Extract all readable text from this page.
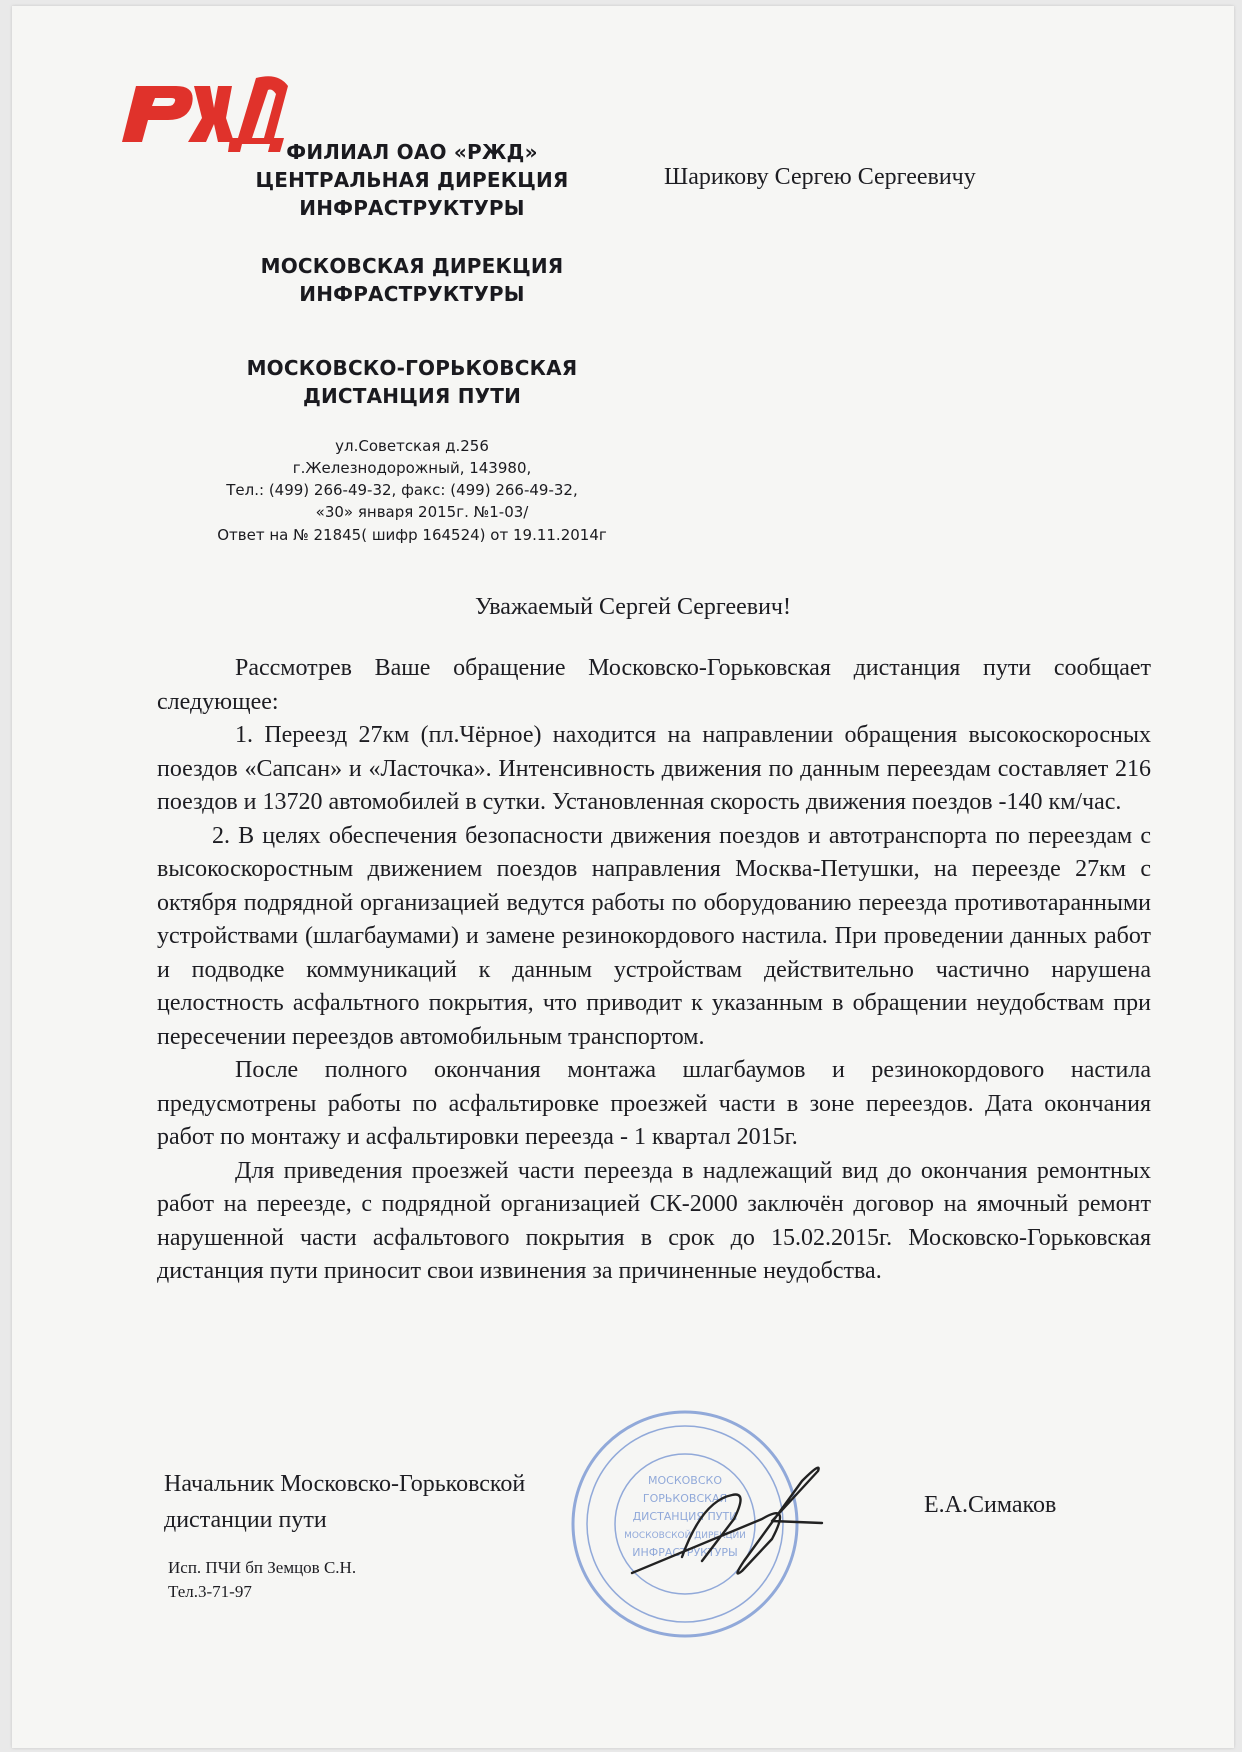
ФИЛИАЛ ОАО «РЖД»
ЦЕНТРАЛЬНАЯ ДИРЕКЦИЯ
ИНФРАСТРУКТУРЫ
МОСКОВСКАЯ ДИРЕКЦИЯ
ИНФРАСТРУКТУРЫ
МОСКОВСКО-ГОРЬКОВСКАЯ
ДИСТАНЦИЯ ПУТИ
ул.Советская д.256
г.Железнодорожный, 143980,
Тел.: (499) 266-49-32, факс: (499) 266-49-32,
«30» января 2015г. №1-03/
Ответ на № 21845( шифр 164524) от 19.11.2014г
Шарикову Сергею Сергеевичу
Уважаемый Сергей Сергеевич!

Рассмотрев Ваше обращение Московско-Горьковская дистанция пути сообщает следующее:

1. Переезд 27км (пл.Чёрное) находится на направлении обращения высокоскоросных поездов «Сапсан» и «Ласточка». Интенсивность движения по данным переездам составляет 216 поездов и 13720 автомобилей в сутки. Установленная скорость движения поездов -140 км/час.

2. В целях обеспечения безопасности движения поездов и автотранспорта по переездам с высокоскоростным движением поездов направления Москва-Петушки, на переезде 27км с октября подрядной организацией ведутся работы по оборудованию переезда противотаранными устройствами (шлагбаумами) и замене резинокордового настила. При проведении данных работ и подводке коммуникаций к данным устройствам действительно частично нарушена целостность асфальтного покрытия, что приводит к указанным в обращении неудобствам при пересечении переездов автомобильным транспортом.

После полного окончания монтажа шлагбаумов и резинокордового настила предусмотрены работы по асфальтировке проезжей части в зоне переездов. Дата окончания работ по монтажу и асфальтировки переезда - 1 квартал 2015г.

Для приведения проезжей части переезда в надлежащий вид до окончания ремонтных работ на переезде, с подрядной организацией СК-2000 заключён договор на ямочный ремонт нарушенной части асфальтового покрытия в срок до 15.02.2015г. Московско-Горьковская дистанция пути приносит свои извинения за причиненные неудобства.

МОСКОВСКО
ГОРЬКОВСКАЯ
ДИСТАНЦИЯ ПУТИ
МОСКОВСКОЙ ДИРЕКЦИИ
ИНФРАСТРУКТУРЫ
Начальник Московско-Горьковской
дистанции пути
Е.А.Симаков
Исп. ПЧИ бп Земцов С.Н.
Тел.3-71-97
